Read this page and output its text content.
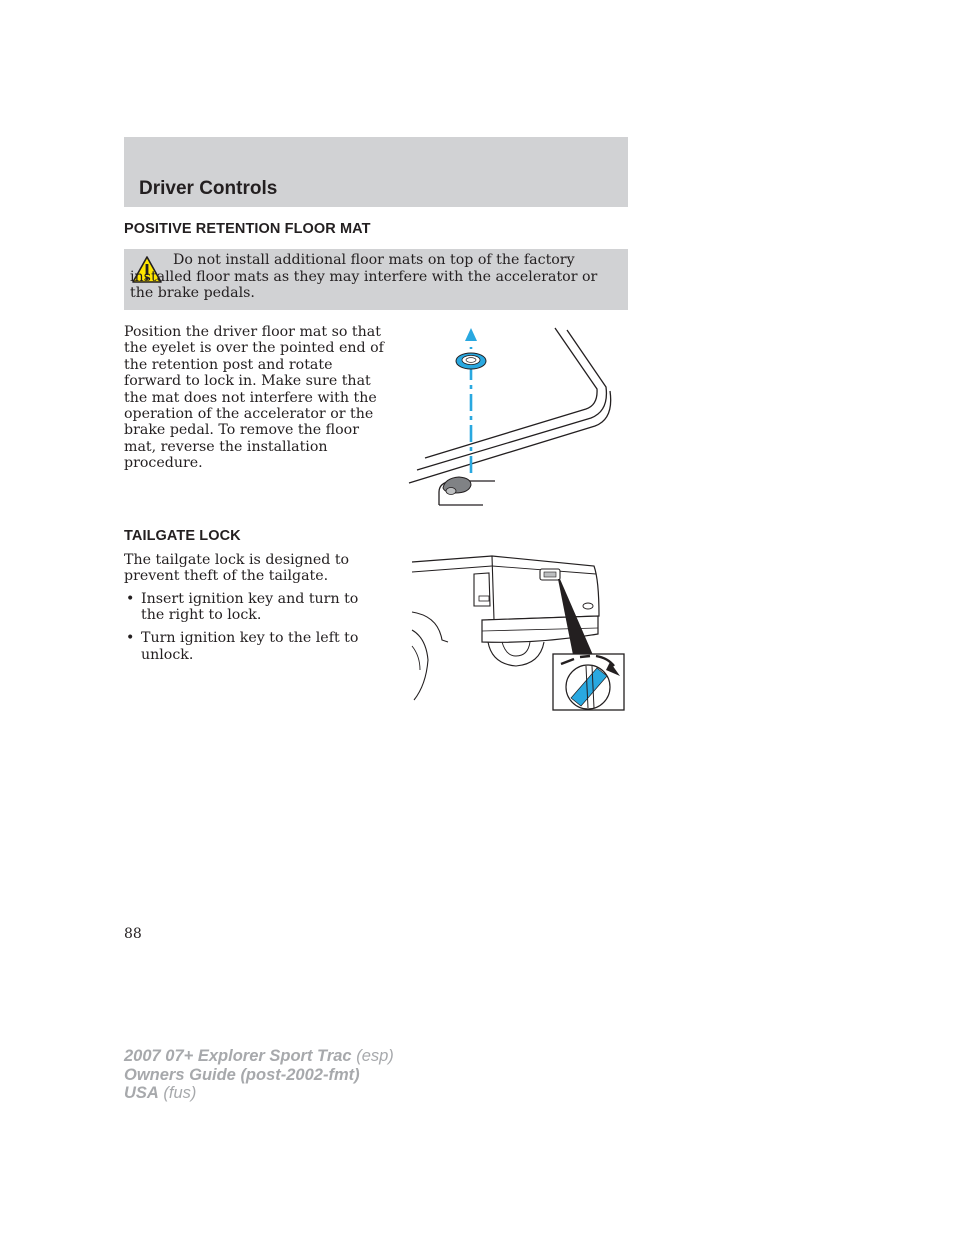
Driver Controls
POSITIVE RETENTION FLOOR MAT
Do not install additional floor mats on top of the factory installed floor mats as they may interfere with the accelerator or the brake pedals.
Position the driver floor mat so that the eyelet is over the pointed end of the retention post and rotate forward to lock in. Make sure that the mat does not interfere with the operation of the accelerator or the brake pedal. To remove the floor mat, reverse the installation procedure.
TAILGATE LOCK
The tailgate lock is designed to prevent theft of the tailgate.
• Insert ignition key and turn to the right to lock.
• Turn ignition key to the left to unlock.
88
2007 07+ Explorer Sport Trac (esp)
Owners Guide (post-2002-fmt)
USA (fus)
